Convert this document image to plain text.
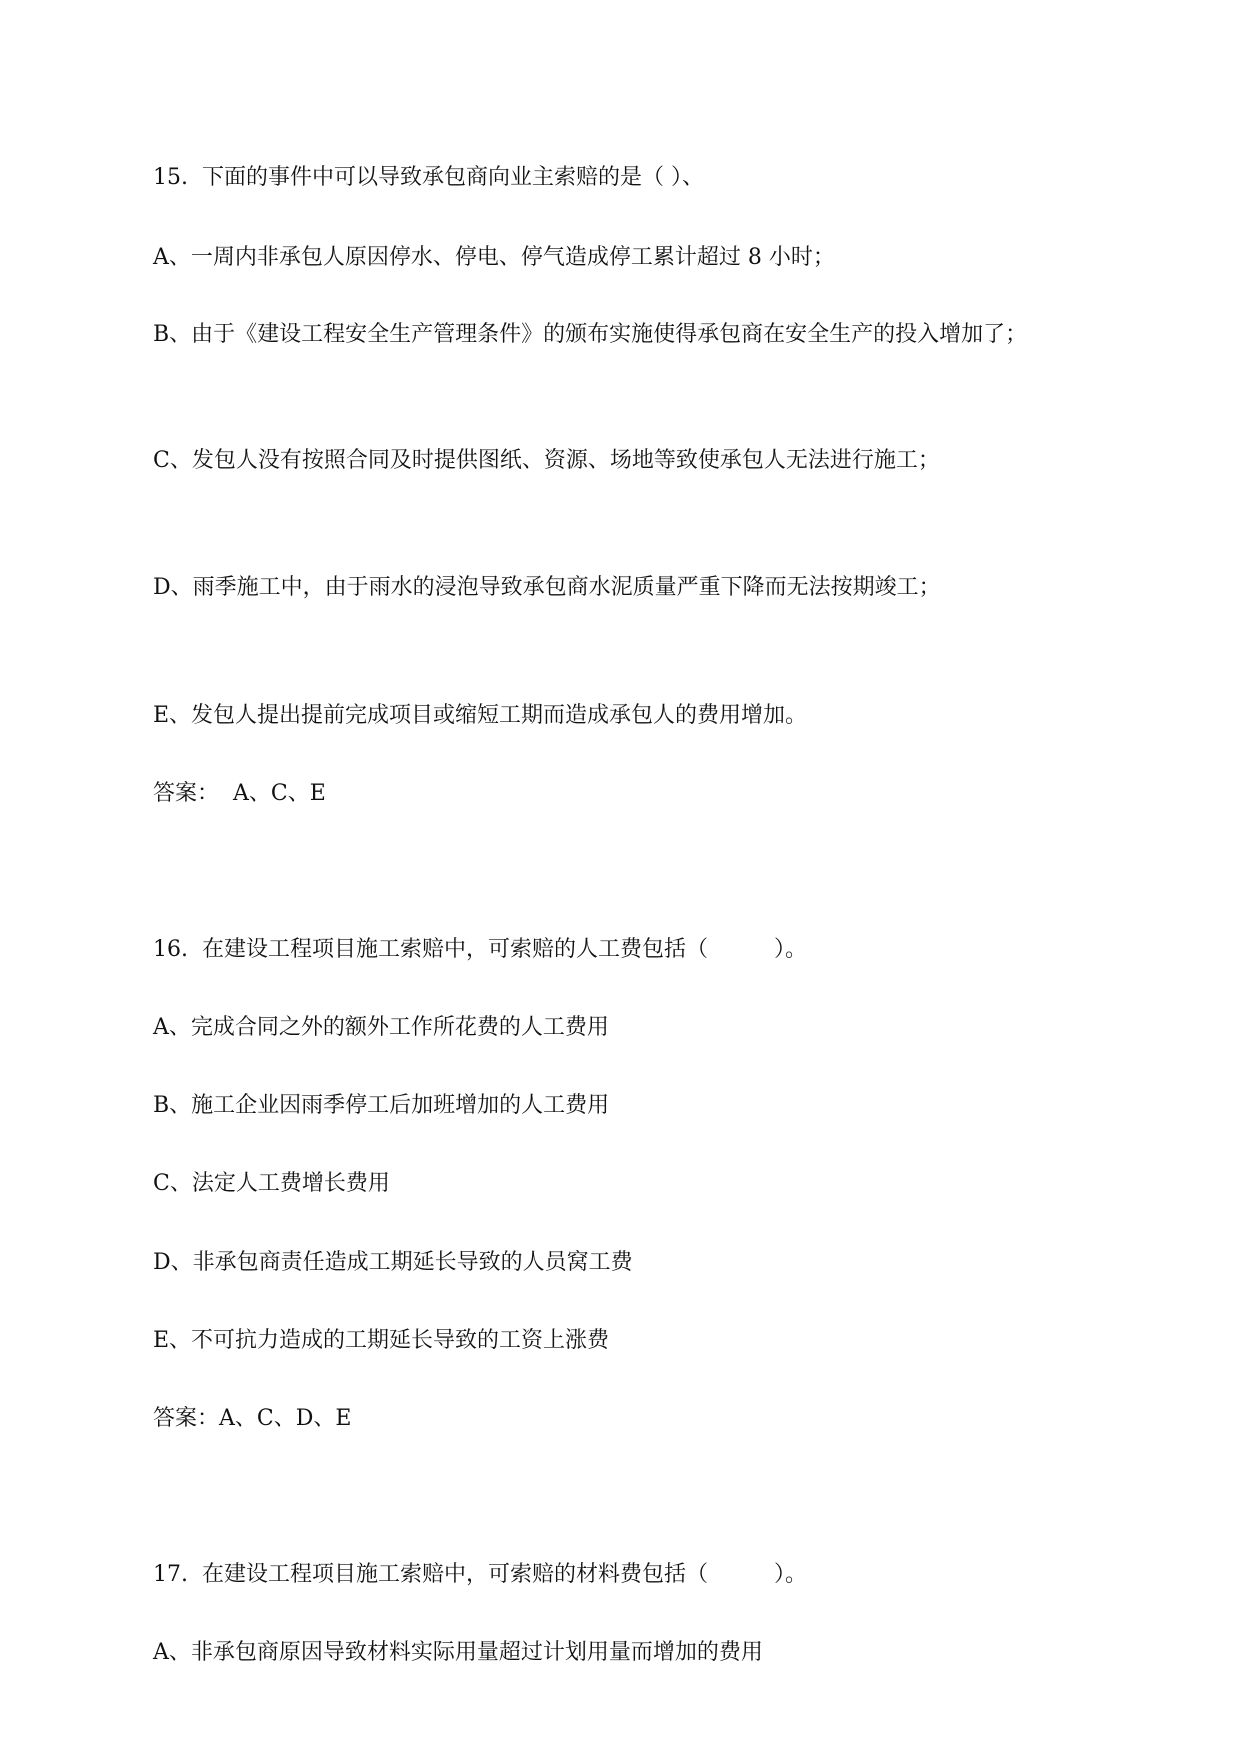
15. 下面的事件中可以导致承包商向业主索赔的是（ ）、

A、一周内非承包人原因停水、停电、停气造成停工累计超过 8 小时；

B、由于《建设工程安全生产管理条件》的颁布实施使得承包商在安全生产的投入增加了；

C、发包人没有按照合同及时提供图纸、资源、场地等致使承包人无法进行施工；

D、雨季施工中，由于雨水的浸泡导致承包商水泥质量严重下降而无法按期竣工；

E、发包人提出提前完成项目或缩短工期而造成承包人的费用增加。

答案： A、C、E

16. 在建设工程项目施工索赔中，可索赔的人工费包括（　　　）。

A、完成合同之外的额外工作所花费的人工费用

B、施工企业因雨季停工后加班增加的人工费用

C、法定人工费增长费用

D、非承包商责任造成工期延长导致的人员窝工费

E、不可抗力造成的工期延长导致的工资上涨费

答案：A、C、D、E

17. 在建设工程项目施工索赔中，可索赔的材料费包括（　　　）。

A、非承包商原因导致材料实际用量超过计划用量而增加的费用
